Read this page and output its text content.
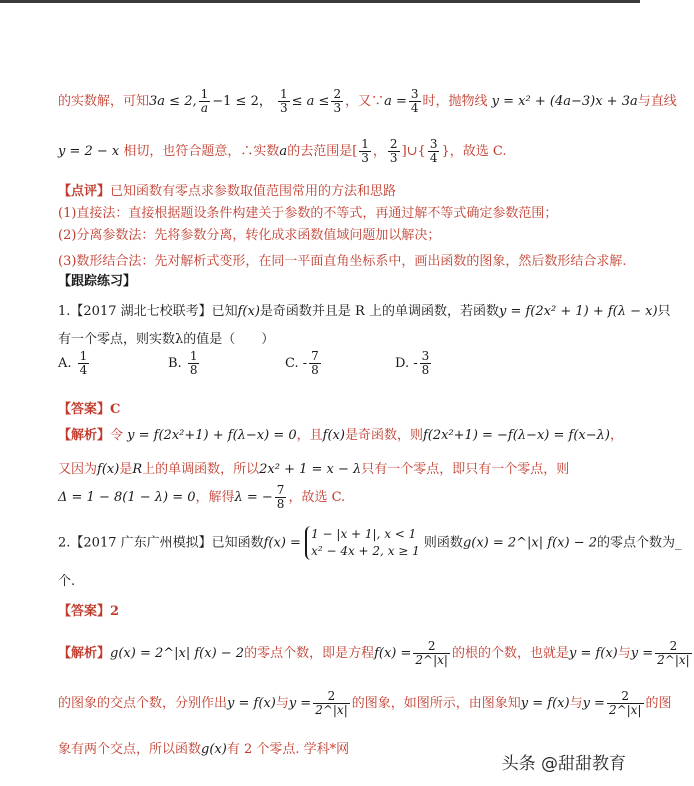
的实数解，可知3a ≤ 2, $\frac{1}{a} -1 \le 2$， $\frac{1}{3} \le a \le \frac{2}{3}$ ，又∵a = $\frac{3}{4}$ 时，抛物线 y = x² + (4a−3)x + 3a与直线
y = 2 − x 相切，也符合题意，∴实数a的去范围是[ $\frac{1}{3}$ ， $\frac{2}{3}$ ]∪{ $\frac{3}{4}$ }，故选 C.
【点评】已知函数有零点求参数取值范围常用的方法和思路
(1)直接法：直接根据题设条件构建关于参数的不等式，再通过解不等式确定参数范围；
(2)分离参数法：先将参数分离，转化成求函数值域问题加以解决；
(3)数形结合法：先对解析式变形，在同一平面直角坐标系中，画出函数的图象，然后数形结合求解.
【跟踪练习】
1.【2017 湖北七校联考】已知f(x)是奇函数并且是 R 上的单调函数，若函数y = f(2x² + 1) + f(λ − x)只
有一个零点，则实数λ的值是（　　）
A. $\frac{1}{4}$	B. $\frac{1}{8}$	C. - $\frac{7}{8}$	D. - $\frac{3}{8}$
【答案】C
【解析】令 y = f(2x²+1) + f(λ−x) = 0，且f(x)是奇函数，则f(2x²+1) = −f(λ−x) = f(x−λ)，
又因为f(x)是R上的单调函数，所以2x² + 1 = x − λ只有一个零点，即只有一个零点，则
Δ = 1 − 8(1 − λ) = 0，解得λ = − $\frac{7}{8}$ ，故选 C.
2.【2017 广东广州模拟】已知函数f(x) = 1 − |x + 1|, x < 1
x² − 4x + 2, x ≥ 1 则函数g(x) = 2^|x| f(x) − 2的零点个数为_
个.
【答案】2
【解析】g(x) = 2^|x| f(x) − 2的零点个数，即是方程$f(x) = \frac{2}{2\^{}|x|}$ 的根的个数，也就是y = f(x)与$y = \frac{2}{2\^{}|x|}$
的图象的交点个数，分别作出y = f(x)与$y = \frac{2}{2\^{}|x|}$ 的图象，如图所示，由图象知y = f(x)与$y = \frac{2}{2\^{}|x|}$ 的图
象有两个交点，所以函数g(x)有 2 个零点. 学科*网
头条 @甜甜教育
